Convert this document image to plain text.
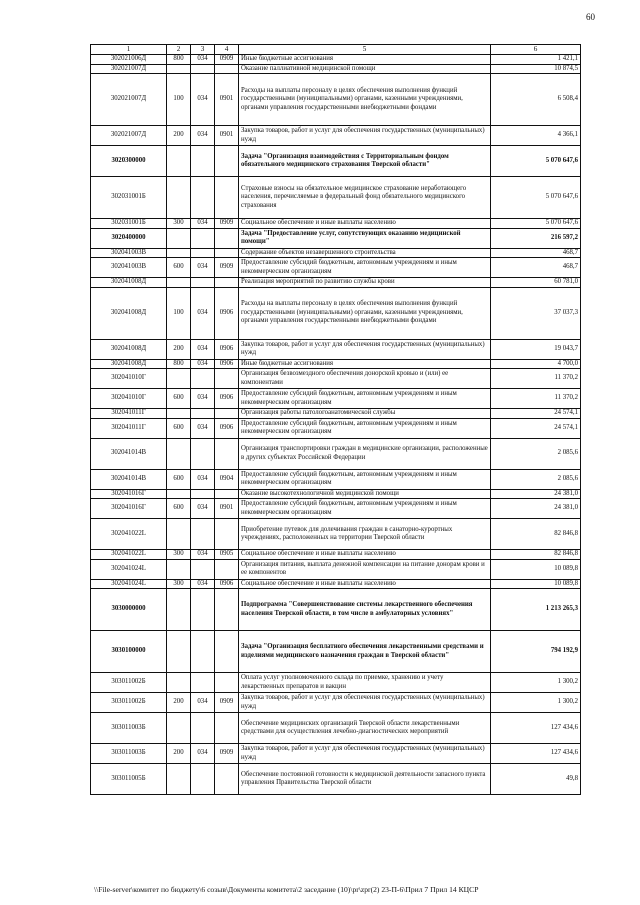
60
1	2	3	4	5	6
302021006Д	800	034	0909	Иные бюджетные ассигнования	1 421,1
302021007Д				Оказание паллиативной медицинской помощи	10 874,5
302021007Д	100	034	0901	Расходы на выплаты персоналу в целях обеспечения выполнения функций государственными (муниципальными) органами, казенными учреждениями, органами управления государственными внебюджетными фондами	6 508,4
302021007Д	200	034	0901	Закупка товаров, работ и услуг для обеспечения государственных (муниципальных) нужд	4 366,1
3020300000				Задача "Организация взаимодействия с Территориальным фондом обязательного медицинского страхования Тверской области"	5 070 647,6
302031001Б				Страховые взносы на обязательное медицинское страхование неработающего населения, перечисляемые в федеральный фонд обязательного медицинского страхования	5 070 647,6
302031001Б	300	034	0909	Социальное обеспечение и иные выплаты населению	5 070 647,6
3020400000				Задача "Предоставление услуг, сопутствующих оказанию медицинской помощи"	216 597,2
302041003В				Содержание объектов незавершенного строительства	468,7
302041003В	600	034	0909	Предоставление субсидий бюджетным, автономным учреждениям и иным некоммерческим организациям	468,7
302041008Д				Реализация мероприятий по развитию службы крови	60 781,0
302041008Д	100	034	0906	Расходы на выплаты персоналу в целях обеспечения выполнения функций государственными (муниципальными) органами, казенными учреждениями, органами управления государственными внебюджетными фондами	37 037,3
302041008Д	200	034	0906	Закупка товаров, работ и услуг для обеспечения государственных (муниципальных) нужд	19 043,7
302041008Д	800	034	0906	Иные бюджетные ассигнования	4 700,0
302041010Г				Организация безвозмездного обеспечения донорской кровью и (или) ее компонентами	11 370,2
302041010Г	600	034	0906	Предоставление субсидий бюджетным, автономным учреждениям и иным некоммерческим организациям	11 370,2
302041011Г				Организация работы патологоанатомической службы	24 574,1
302041011Г	600	034	0906	Предоставление субсидий бюджетным, автономным учреждениям и иным некоммерческим организациям	24 574,1
302041014В				Организация транспортировки граждан в медицинские организации, расположенные в других субъектах Российской Федерации	2 085,6
302041014В	600	034	0904	Предоставление субсидий бюджетным, автономным учреждениям и иным некоммерческим организациям	2 085,6
302041016Г				Оказание высокотехнологичной медицинской помощи	24 381,0
302041016Г	600	034	0901	Предоставление субсидий бюджетным, автономным учреждениям и иным некоммерческим организациям	24 381,0
302041022L				Приобретение путевок для долечивания граждан в санаторно-курортных учреждениях, расположенных на территории Тверской области	82 846,8
302041022L	300	034	0905	Социальное обеспечение и иные выплаты населению	82 846,8
302041024L				Организация питания, выплата денежной компенсации на питание донорам крови и ее компонентов	10 089,8
302041024L	300	034	0906	Социальное обеспечение и иные выплаты населению	10 089,8
3030000000				Подпрограмма "Совершенствование системы лекарственного обеспечения населения Тверской области, в том числе в амбулаторных условиях"	1 213 265,3
3030100000				Задача "Организация бесплатного обеспечения лекарственными средствами и изделиями медицинского назначения граждан в Тверской области"	794 192,9
303011002Б				Оплата услуг уполномоченного склада по приемке, хранению и учету лекарственных препаратов и вакцин	1 300,2
303011002Б	200	034	0909	Закупка товаров, работ и услуг для обеспечения государственных (муниципальных) нужд	1 300,2
303011003Б				Обеспечение медицинских организаций Тверской области лекарственными средствами для осуществления лечебно-диагностических мероприятий	127 434,6
303011003Б	200	034	0909	Закупка товаров, работ и услуг для обеспечения государственных (муниципальных) нужд	127 434,6
303011005Б				Обеспечение постоянной готовности к медицинской деятельности запасного пункта управления Правительства Тверской области	49,8
\\File-server\комитет по бюджету\6 созыв\Документы комитета\2 заседание (10)\pr\zpr(2) 23-П-6\Прил 7 Прил 14 КЦСР
